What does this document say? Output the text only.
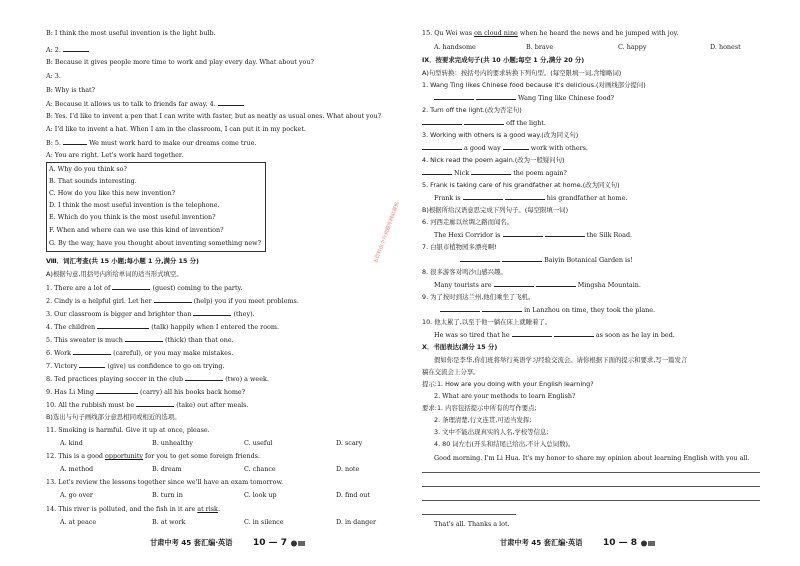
B: I think the most useful invention is the light bulb.
A: 2.
B: Because it gives people more time to work and play every day. What about you?
A: 3.
B: Why is that?
A: Because it allows us to talk to friends far away. 4.
B: Yes. I'd like to invent a pen that I can write with faster, but as neatly as usual ones. What about you?
A: I'd like to invent a hat. When I am in the classroom, I can put it in my pocket.
B: 5.	We must work hard to make our dreams come true.
A: You are right. Let's work hard together.
A. Why do you think so?
B. That sounds interesting.
C. How do you like this new invention?
D. I think the most useful invention is the telephone.
E. Which do you think is the most useful invention?
F. When and where can we use this kind of invention?
G. By the way, have you thought about inventing something new?
Ⅷ．词汇考查(共 15 小题;每小题 1 分,满分 15 分)
A)根据句意,用括号内所给单词的适当形式填空。
1. There are a lot of	(guest) coming to the party.
2. Cindy is a helpful girl. Let her	(help) you if you meet problems.
3. Our classroom is bigger and brighter than	(they).
4. The children	(talk) happily when I entered the room.
5. This sweater is much	(thick) than that one.
6. Work	(careful), or you may make mistakes.
7. Victory	(give) us confidence to go on trying.
8. Ted practices playing soccer in the club	(two) a week.
9. Has Li Ming	(carry) all his books back home?
10. All the rubbish must be	(take) out after meals.
B)选出与句子画线部分意思相同或相近的选项。
11. Smoking is harmful. Give it up at once, please.
A. kind	B. unhealthy	C. useful	D. scary
12. This is a good opportunity for you to get some foreign friends.
A. method	B. dream	C. chance	D. note
13. Let's review the lessons together since we'll have an exam tomorrow.
A. go over	B. turn in	C. look up	D. find out
14. This river is polluted, and the fish in it are at risk.
A. at peace	B. at work	C. in silence	D. in danger
甘肃中考 45 套汇编·英语 10 — 7
15. Qu Wei was on cloud nine when he heard the news and he jumped with joy.
A. handsome	B. brave	C. happy	D. honest
Ⅸ．按要求完成句子(共 10 小题;每空 1 分,满分 20 分)
A)句型转换：按括号内的要求转换下列句型。(每空限填一词,含缩略词)
1. Wang Ting likes Chinese food because it's delicious.(对画线部分提问)
Wang Ting like Chinese food?
2. Turn off the light.(改为否定句)
off the light.
3. Working with others is a good way.(改为同义句)
a good way	work with others.
4. Nick read the poem again.(改为一般疑问句)
Nick	the poem again?
5. Frank is taking care of his grandfather at home.(改为同义句)
Frank is	his grandfather at home.
B)根据所给汉语意思完成下列句子。(每空限填一词)
6. 河西走廊以丝绸之路而闻名。
The Hexi Corridor is	the Silk Road.
7. 白银市植物园多漂亮啊!
Baiyin Botanical Garden is!
8. 很多游客对鸣沙山感兴趣。
Many tourists are	Mingsha Mountain.
9. 为了按时到达兰州,他们乘坐了飞机。
in Lanzhou on time, they took the plane.
10. 他太累了,以至于他一躺在床上就睡着了。
He was so tired that he	as soon as he lay in bed.
Ⅹ．书面表达(满分 15 分)
假如你是李华,你们班将举行英语学习经验交流会。请你根据下面的提示和要求,写一篇发言
稿在交流会上分享。
提示:1. How are you doing with your English learning?
2. What are your methods to learn English?
要求:1. 内容包括提示中所有的写作要点;
2. 条理清楚,行文连贯,可适当发挥;
3. 文中不能出现真实的人名,学校等信息;
4. 80 词左右(开头和结尾已给出,不计入总词数)。
Good morning. I'm Li Hua. It's my honor to share my opinion about learning English with you all.
That's all. Thanks a lot.
甘肃中考 45 套汇编·英语 10 — 8
本资料由小升初题库网站提供
